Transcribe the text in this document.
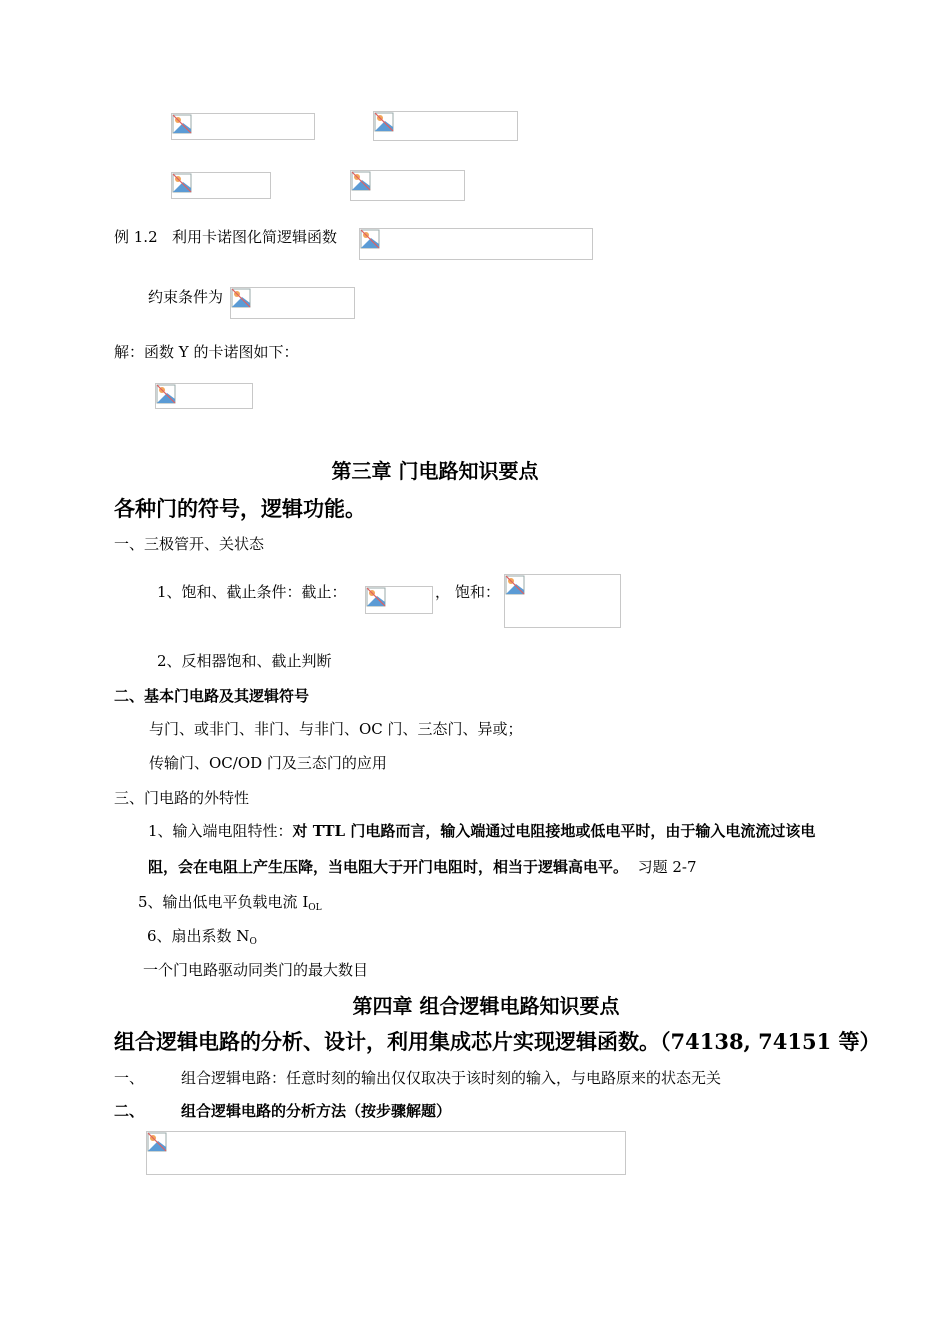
例 1.2 利用卡诺图化简逻辑函数
约束条件为
解：函数 Y 的卡诺图如下：
第三章 门电路知识要点
各种门的符号，逻辑功能。
一、三极管开、关状态
1、饱和、截止条件：截止：	， 饱和：
2、反相器饱和、截止判断
二、基本门电路及其逻辑符号
与门、或非门、非门、与非门、OC 门、三态门、异或；
传输门、OC/OD 门及三态门的应用
三、门电路的外特性
1、输入端电阻特性：对 TTL 门电路而言，输入端通过电阻接地或低电平时，由于输入电流流过该电
阻，会在电阻上产生压降，当电阻大于开门电阻时，相当于逻辑高电平。 习题 2-7
5、输出低电平负载电流 $I_{OL}$
6、扇出系数 $N_O$
一个门电路驱动同类门的最大数目
第四章 组合逻辑电路知识要点
组合逻辑电路的分析、设计，利用集成芯片实现逻辑函数。（74138, 74151 等）
一、 组合逻辑电路：任意时刻的输出仅仅取决于该时刻的输入，与电路原来的状态无关
二、 组合逻辑电路的分析方法（按步骤解题）
